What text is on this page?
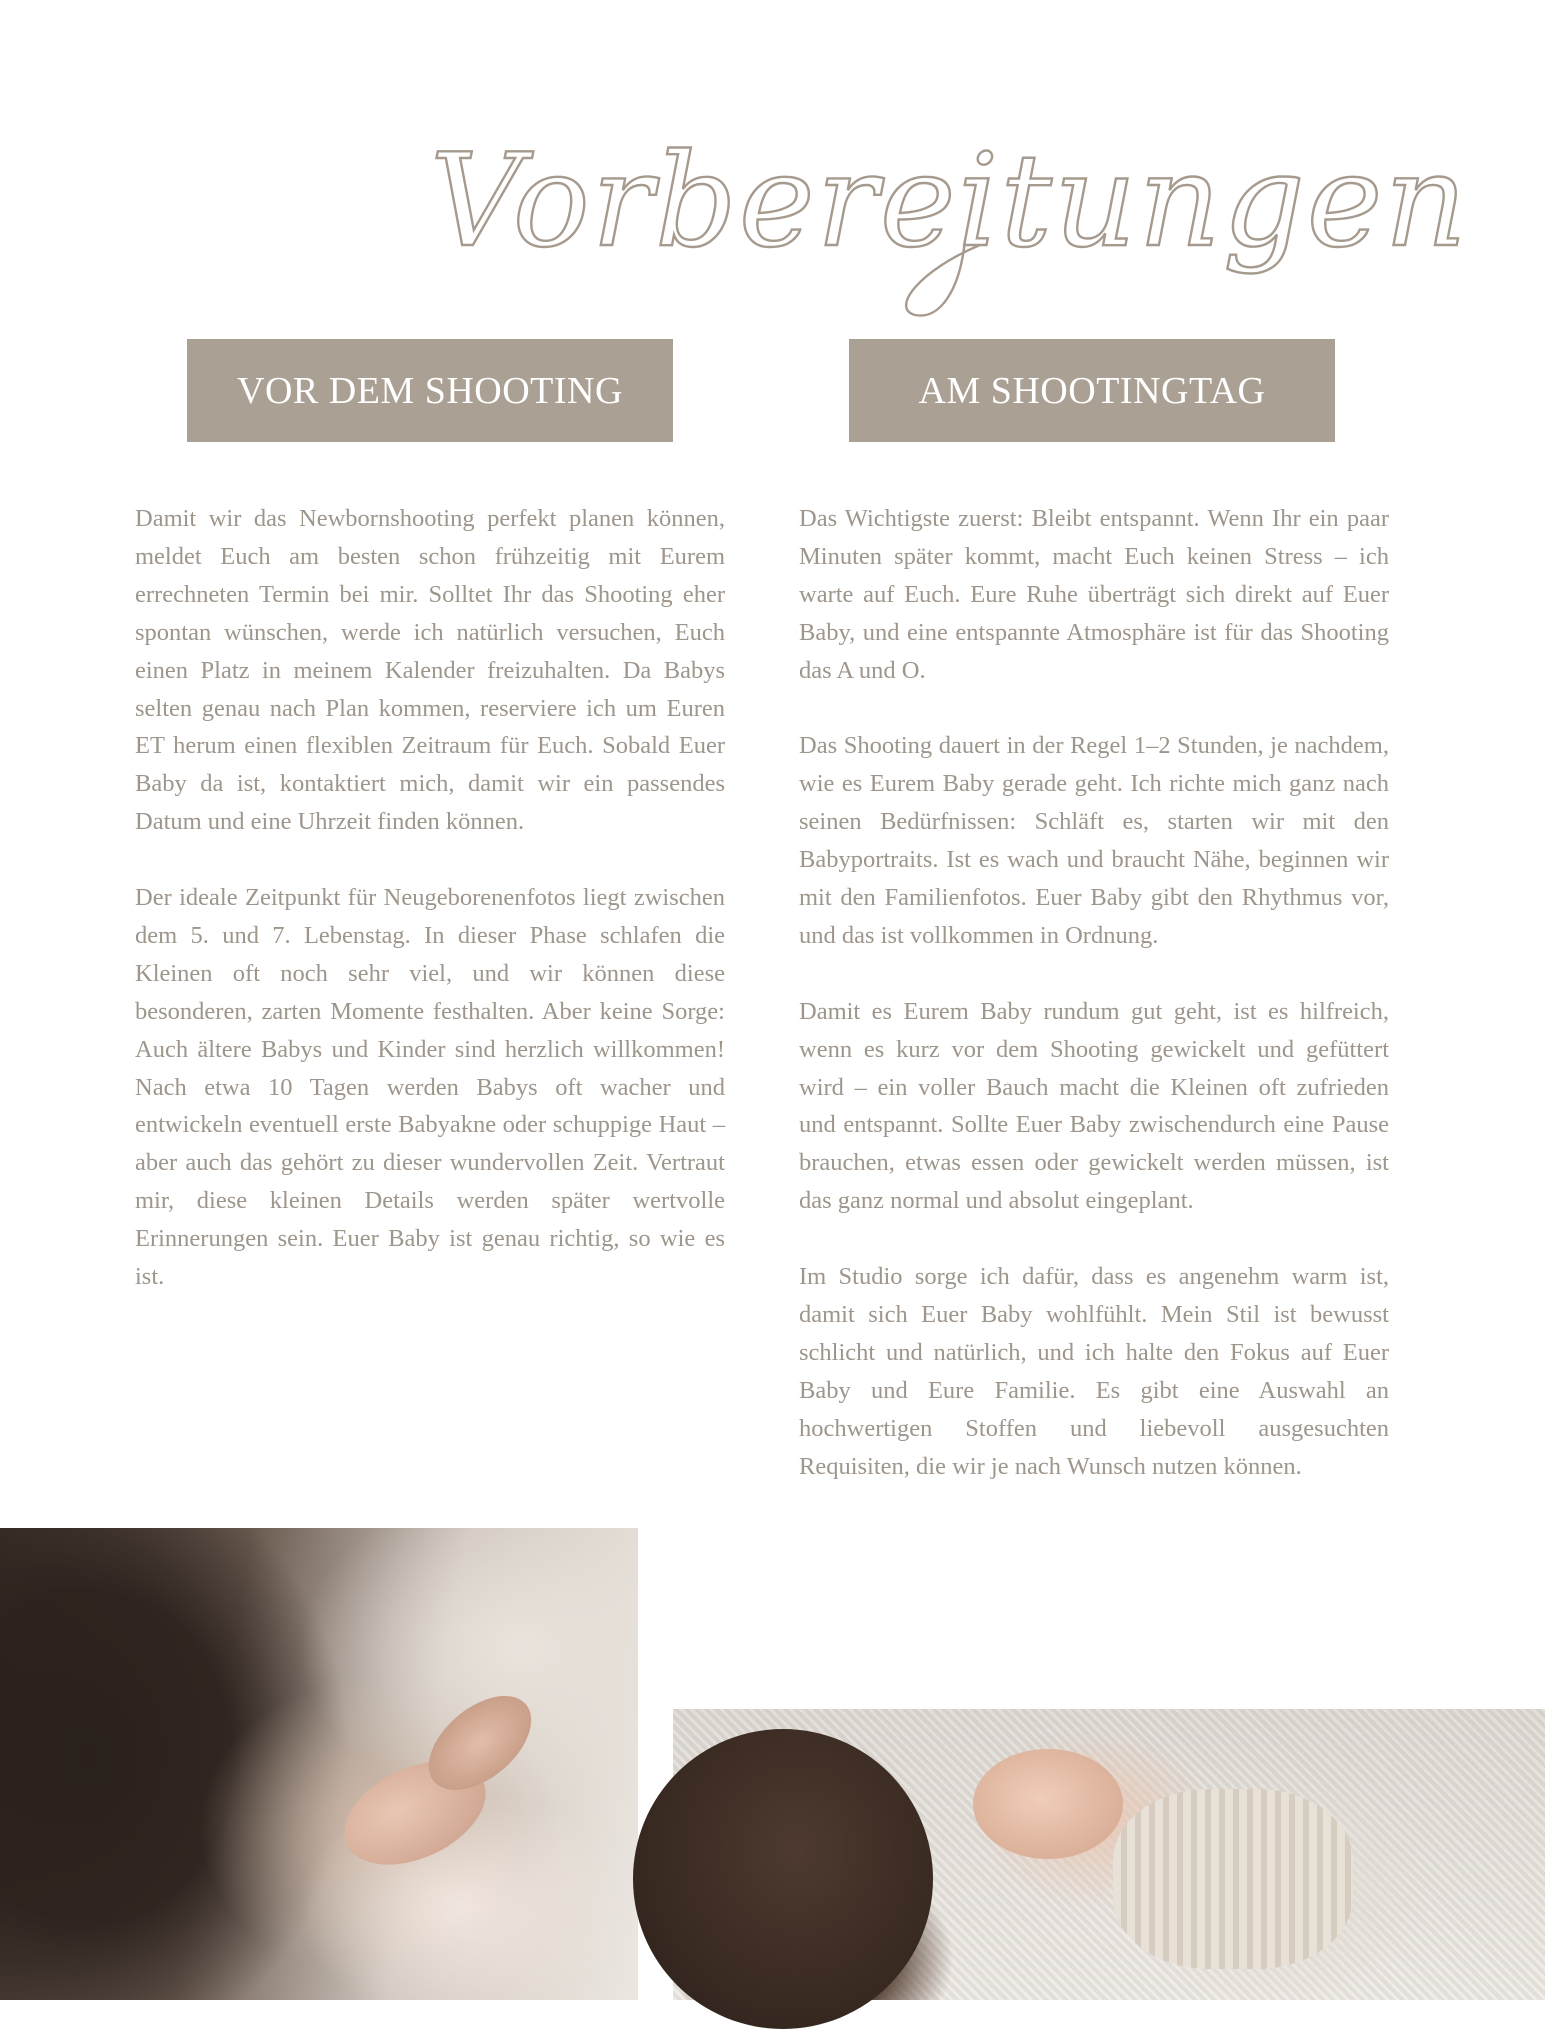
Vorbereitungen
VOR DEM SHOOTING	AM SHOOTINGTAG

Damit wir das Newbornshooting perfekt planen können, meldet Euch am besten schon frühzeitig mit Eurem errechneten Termin bei mir. Solltet Ihr das Shooting eher spontan wünschen, werde ich natürlich versuchen, Euch einen Platz in meinem Kalender freizuhalten. Da Babys selten genau nach Plan kommen, reserviere ich um Euren ET herum einen flexiblen Zeitraum für Euch. Sobald Euer Baby da ist, kontaktiert mich, damit wir ein passendes Datum und eine Uhrzeit finden können.

Der ideale Zeitpunkt für Neugeborenenfotos liegt zwischen dem 5. und 7. Lebenstag. In dieser Phase schlafen die Kleinen oft noch sehr viel, und wir können diese besonderen, zarten Momente festhalten. Aber keine Sorge: Auch ältere Babys und Kinder sind herzlich willkommen! Nach etwa 10 Tagen werden Babys oft wacher und entwickeln eventuell erste Babyakne oder schuppige Haut – aber auch das gehört zu dieser wundervollen Zeit. Vertraut mir, diese kleinen Details werden später wertvolle Erinnerungen sein. Euer Baby ist genau richtig, so wie es ist.

Das Wichtigste zuerst: Bleibt entspannt. Wenn Ihr ein paar Minuten später kommt, macht Euch keinen Stress – ich warte auf Euch. Eure Ruhe überträgt sich direkt auf Euer Baby, und eine entspannte Atmosphäre ist für das Shooting das A und O.

Das Shooting dauert in der Regel 1–2 Stunden, je nachdem, wie es Eurem Baby gerade geht. Ich richte mich ganz nach seinen Bedürfnissen: Schläft es, starten wir mit den Babyportraits. Ist es wach und braucht Nähe, beginnen wir mit den Familienfotos. Euer Baby gibt den Rhythmus vor, und das ist vollkommen in Ordnung.

Damit es Eurem Baby rundum gut geht, ist es hilfreich, wenn es kurz vor dem Shooting gewickelt und gefüttert wird – ein voller Bauch macht die Kleinen oft zufrieden und entspannt. Sollte Euer Baby zwischendurch eine Pause brauchen, etwas essen oder gewickelt werden müssen, ist das ganz normal und absolut eingeplant.

Im Studio sorge ich dafür, dass es angenehm warm ist, damit sich Euer Baby wohlfühlt. Mein Stil ist bewusst schlicht und natürlich, und ich halte den Fokus auf Euer Baby und Eure Familie. Es gibt eine Auswahl an hochwertigen Stoffen und liebevoll ausgesuchten Requisiten, die wir je nach Wunsch nutzen können.
